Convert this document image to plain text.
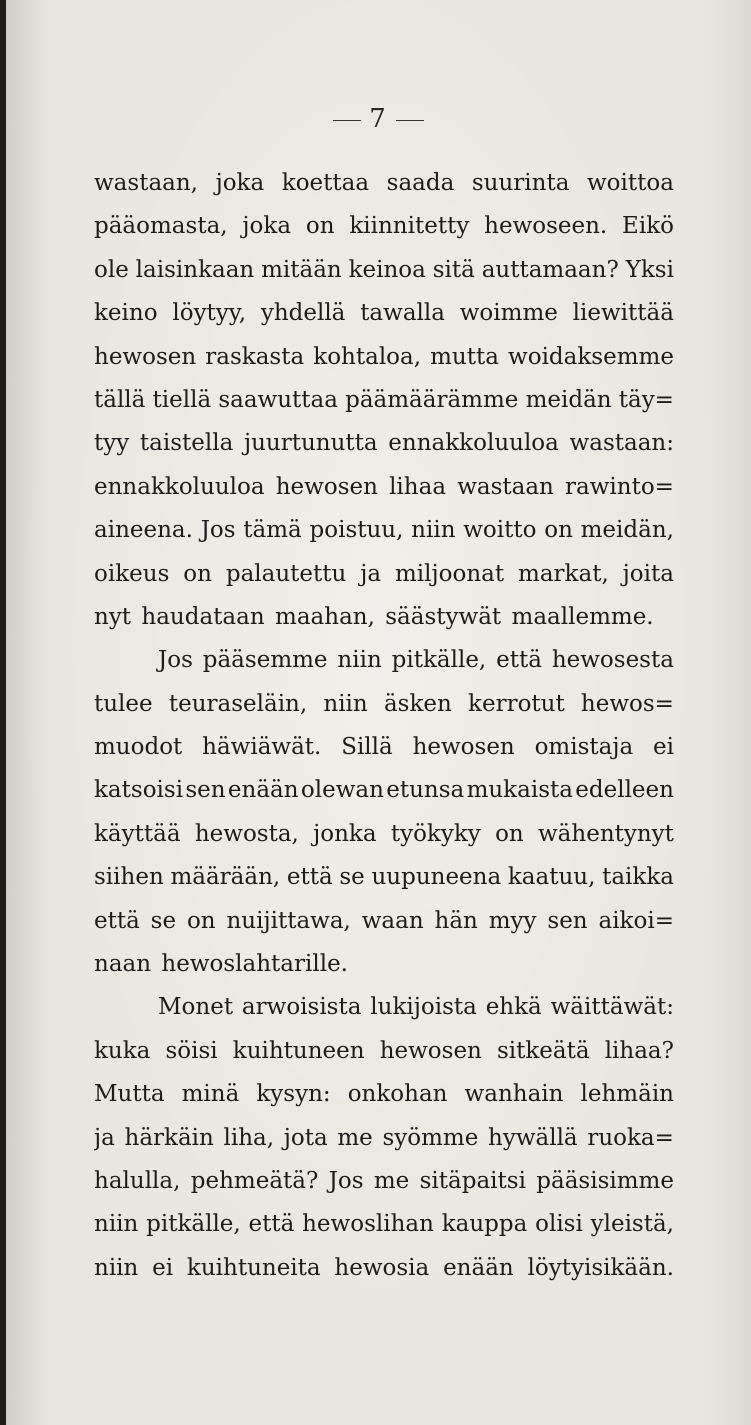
7
wastaan, joka koettaa saada suurinta woittoa
pääomasta, joka on kiinnitetty hewoseen. Eikö
ole laisinkaan mitään keinoa sitä auttamaan? Yksi
keino löytyy, yhdellä tawalla woimme liewittää
hewosen raskasta kohtaloa, mutta woidaksemme
tällä tiellä saawuttaa päämäärämme meidän täy=
tyy taistella juurtunutta ennakkoluuloa wastaan:
ennakkoluuloa hewosen lihaa wastaan rawinto=
aineena. Jos tämä poistuu, niin woitto on meidän,
oikeus on palautettu ja miljoonat markat, joita
nyt haudataan maahan, säästywät maallemme.
Jos pääsemme niin pitkälle, että hewosesta
tulee teuraseläin, niin äsken kerrotut hewos=
muodot häwiäwät. Sillä hewosen omistaja ei
katsoisi sen enään olewan etunsa mukaista edelleen
käyttää hewosta, jonka työkyky on wähentynyt
siihen määrään, että se uupuneena kaatuu, taikka
että se on nuijittawa, waan hän myy sen aikoi=
naan hewoslahtarille.
Monet arwoisista lukijoista ehkä wäittäwät:
kuka söisi kuihtuneen hewosen sitkeätä lihaa?
Mutta minä kysyn: onkohan wanhain lehmäin
ja härkäin liha, jota me syömme hywällä ruoka=
halulla, pehmeätä? Jos me sitäpaitsi pääsisimme
niin pitkälle, että hewoslihan kauppa olisi yleistä,
niin ei kuihtuneita hewosia enään löytyisikään.
